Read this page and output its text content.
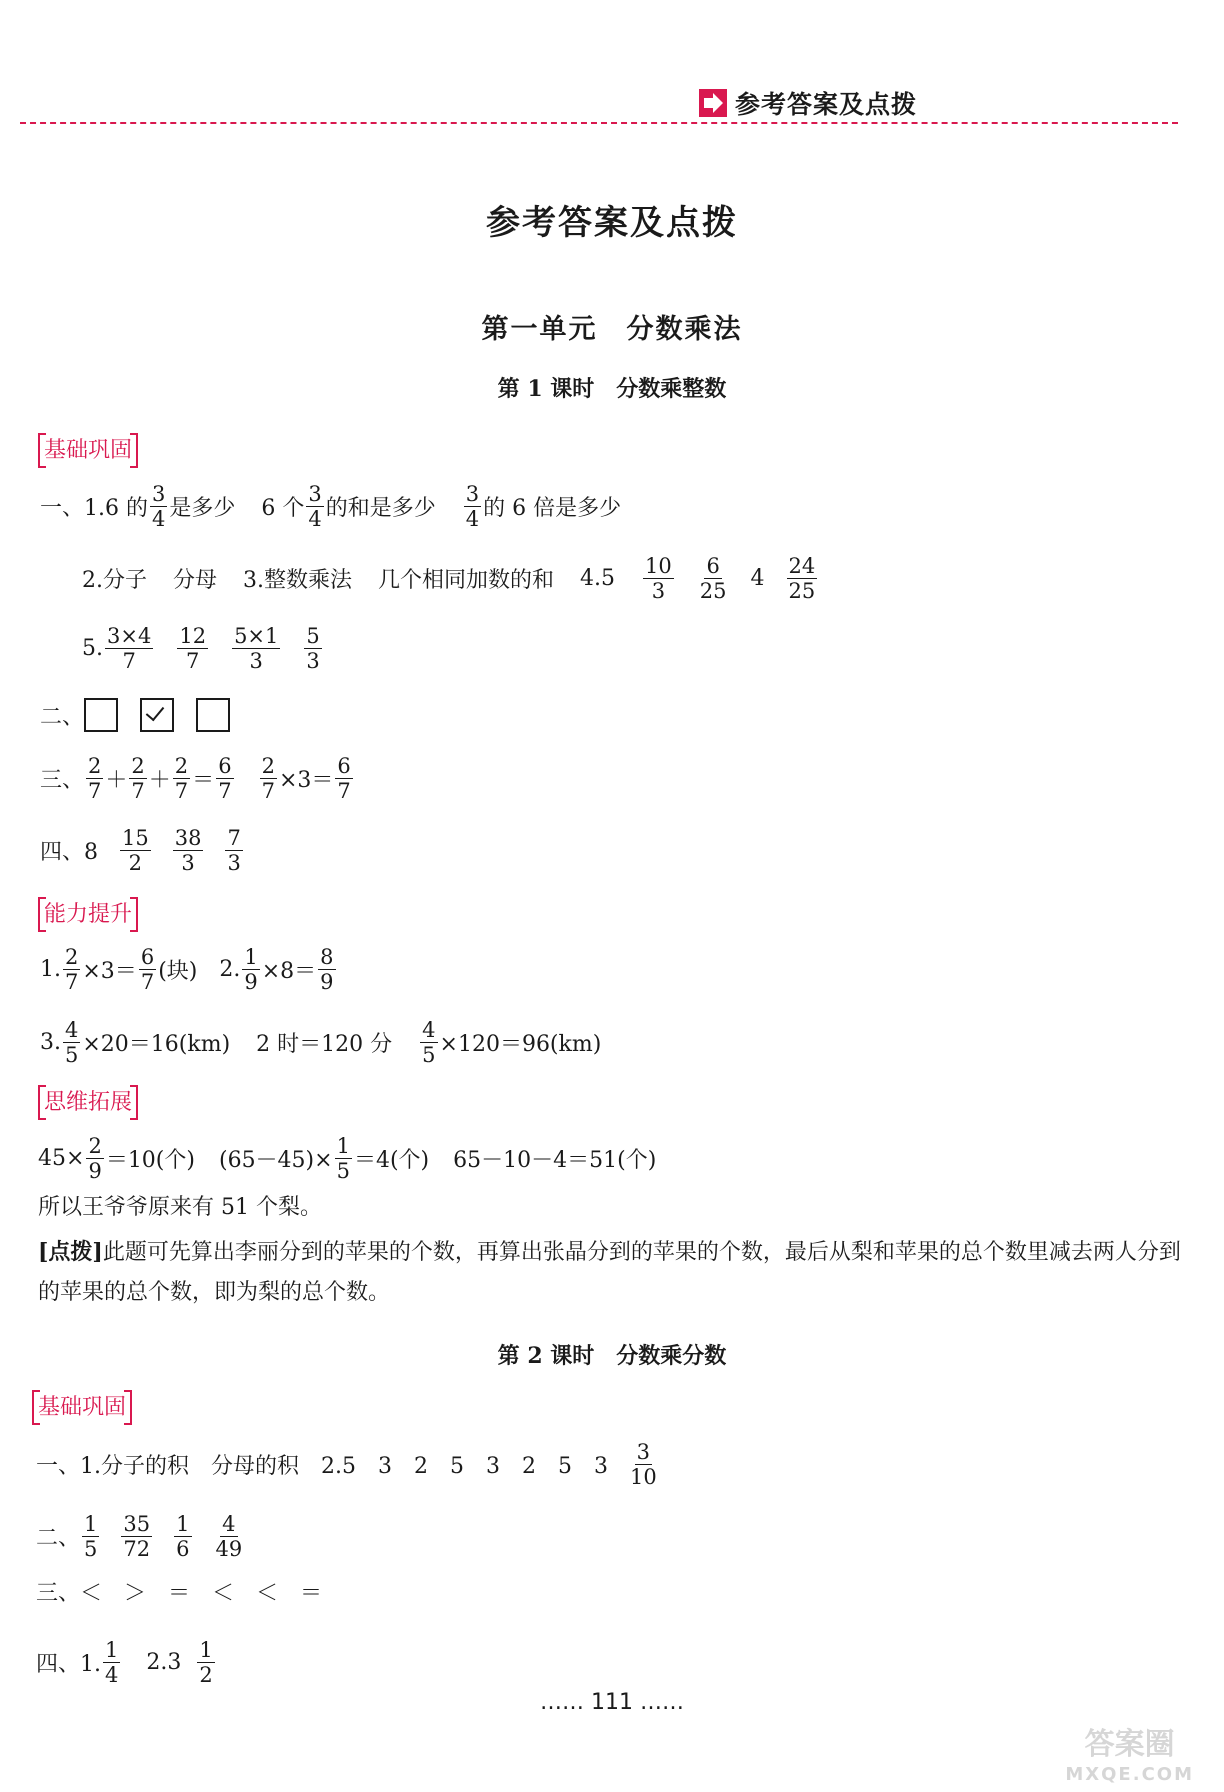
参考答案及点拨
参考答案及点拨
第一单元　分数乘法
第 1 课时　分数乘整数
基础巩固
一、1.6 的
3
4 是多少 6 个
3
4 的和是多少
3
4 的 6 倍是多少
2.分子 分母 3.整数乘法 几个相同加数的和 4.5 10
3
6
25 4 24
25
5. 3×4
7
12
7
5×1
3
5
3
二、
三、
2
7 ＋
2
7 ＋
2
7 ＝
6
7
2
7 ×3＝
6
7
四、8
15
2
38
3
7
3
能力提升
1. $\frac{2}{7} \times 3=$
6
7 (块) 2. $\frac{1}{9} \times 8=$
8
9
3. $\frac{4}{5} \times 20=16(km)$ 2 时＝120 分 $\frac{4}{5} \times 120=96(km)$
思维拓展
$45\times \frac{2}{9} =10$(个) $(65-45)\times \frac{1}{5} =4$(个) 65－10－4＝51(个)
所以王爷爷原来有 51 个梨。
[点拨]此题可先算出李丽分到的苹果的个数，再算出张晶分到的苹果的个数，最后从梨和苹果的总个数里减去两人分到的苹果的总个数，即为梨的总个数。
第 2 课时　分数乘分数
基础巩固
一、1.分子的积　分母的积　2.5　3　2　5　3　2　5　3
3
10
二、
1
5
35
72
1
6
4
49
三、＜　＞　＝　＜　＜　＝
四、1.
1
4 2.3 1
2
…… 111 ……
答案圈
MXQE.COM
